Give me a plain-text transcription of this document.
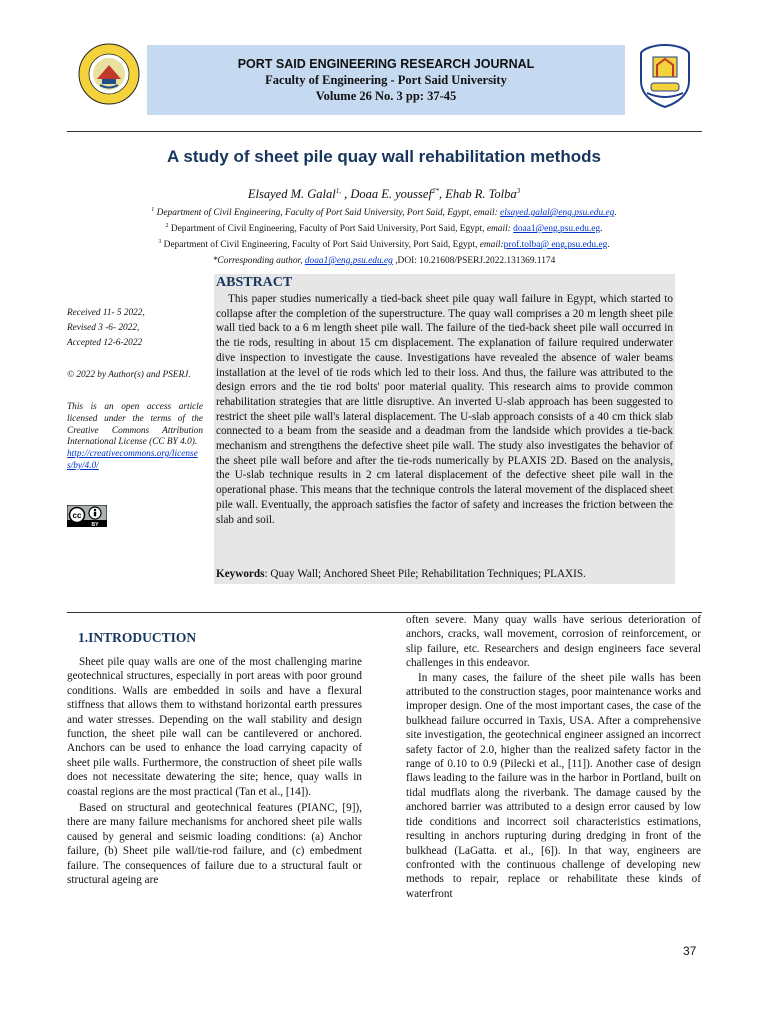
PORT SAID ENGINEERING RESEARCH JOURNAL
Faculty of Engineering - Port Said University
Volume 26 No. 3 pp: 37-45
A study of sheet pile quay wall rehabilitation methods
Elsayed M. Galal$^{1,}$ , Doaa E. youssef$^{2*}$, Ehab R. Tolba$^3$
$^1$ Department of Civil Engineering, Faculty of Port Said University, Port Said, Egypt, email: elsayed.galal@eng.psu.edu.eg.
$^2$ Department of Civil Engineering, Faculty of Port Said University, Port Said, Egypt, email: doaa1@eng.psu.edu.eg.
$^3$ Department of Civil Engineering, Faculty of Port Said University, Port Said, Egypt, email:prof.tolba@ eng.psu.edu.eg.
*Corresponding author, doaa1@eng.psu.edu.eg ,DOI: 10.21608/PSERJ.2022.131369.1174
Received 11- 5 2022,
Revised 3 -6- 2022,
Accepted 12-6-2022
© 2022 by Author(s) and PSERJ.
This is an open access article licensed under the terms of the Creative Commons Attribution International License (CC BY 4.0).
http://creativecommons.org/licenses/by/4.0/
cc
BY
ABSTRACT
This paper studies numerically a tied-back sheet pile quay wall failure in Egypt, which started to collapse after the completion of the superstructure. The quay wall comprises a 20 m length sheet pile wall tied back to a 6 m length sheet pile wall. The failure of the tied-back sheet pile wall occurred in the tie rods, resulting in about 15 cm displacement. The explanation of failure required underwater dive inspection to investigate the cause. Investigations have revealed the absence of waler beams installation at the level of tie rods which led to their loss. And thus, the failure was attributed to the design errors and the tie rod bolts' poor material quality. This research aims to provide common rehabilitation strategies that are little disruptive. An inverted U-slab approach has been suggested to restrict the sheet pile wall's lateral displacement. The U-slab approach consists of a 40 cm thick slab connected to a beam from the seaside and a deadman from the landside which provides a tie-back mechanism and strengthens the defective sheet pile wall. The study also investigates the behavior of the sheet pile wall before and after the tie-rods numerically by PLAXIS 2D. Based on the analysis, the U-slab technique results in 2 cm lateral displacement of the defective sheet pile wall in the operational phase. This means that the technique controls the lateral movement of the displaced sheet pile wall. Eventually, the approach satisfies the factor of safety and increases the friction between the slab and soil.
Keywords: Quay Wall; Anchored Sheet Pile; Rehabilitation Techniques; PLAXIS.
1.INTRODUCTION

Sheet pile quay walls are one of the most challenging marine geotechnical structures, especially in port areas with poor ground conditions. Walls are embedded in soils and have a flexural stiffness that allows them to withstand horizontal earth pressures and water stresses. Depending on the wall stability and design function, the sheet pile wall can be cantilevered or anchored. Anchors can be used to enhance the load carrying capacity of sheet pile walls. Furthermore, the construction of sheet pile walls does not necessitate dewatering the site; hence, quay walls in coastal regions are the most practical (Tan et al., [14]).

Based on structural and geotechnical features (PIANC, [9]), there are many failure mechanisms for anchored sheet pile walls caused by general and seismic loading conditions: (a) Anchor failure, (b) Sheet pile wall/tie-rod failure, and (c) embedment failure. The consequences of failure due to a structural fault or structural ageing are

often severe. Many quay walls have serious deterioration of anchors, cracks, wall movement, corrosion of reinforcement, or slip failure, etc. Researchers and design engineers face several challenges in this endeavor.

In many cases, the failure of the sheet pile walls has been attributed to the construction stages, poor maintenance works and improper design. One of the most important cases, the case of the bulkhead failure occurred in Taxis, USA. After a comprehensive site investigation, the geotechnical engineer assigned an incorrect safety factor of 2.0, higher than the realized safety factor in the range of 0.10 to 0.9 (Pilecki et al., [11]). Another case of design flaws leading to the failure was in the harbor in Portland, built on tidal mudflats along the riverbank. The damage caused by the anchored barrier was attributed to a design error caused by low tide conditions and incorrect soil characteristics estimations, resulting in anchors rupturing during dredging in front of the bulkhead (LaGatta. et al., [6]). In that way, engineers are confronted with the continuous challenge of developing new methods to repair, replace or rehabilitate these kinds of waterfront

37
